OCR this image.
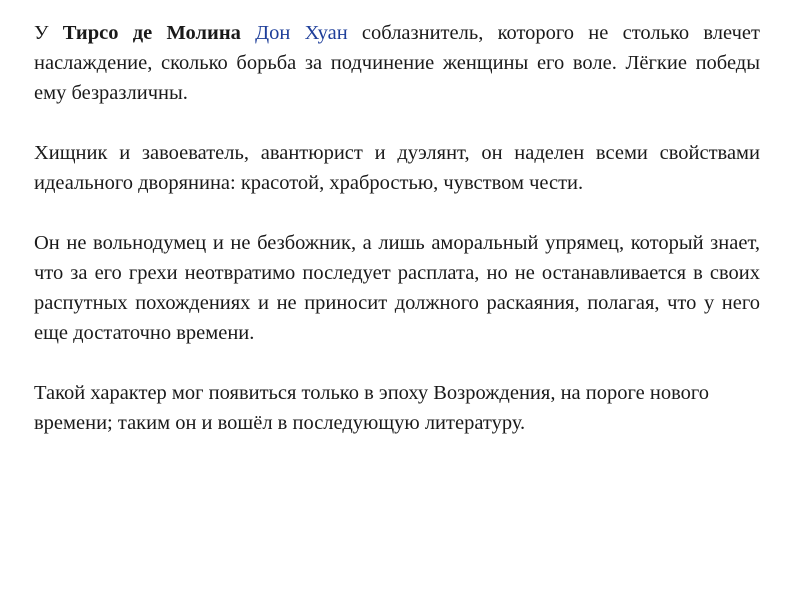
У Тирсо де Молина Дон Хуан соблазнитель, которого не столько влечет наслаждение, сколько борьба за подчинение женщины его воле. Лёгкие победы ему безразличны.

Хищник и завоеватель, авантюрист и дуэлянт, он наделен всеми свойствами идеального дворянина: красотой, храбростью, чувством чести.

Он не вольнодумец и не безбожник, а лишь аморальный упрямец, который знает, что за его грехи неотвратимо последует расплата, но не останавливается в своих распутных похождениях и не приносит должного раскаяния, полагая, что у него еще достаточно времени.

Такой характер мог появиться только в эпоху Возрождения, на пороге нового времени; таким он и вошёл в последующую литературу.
